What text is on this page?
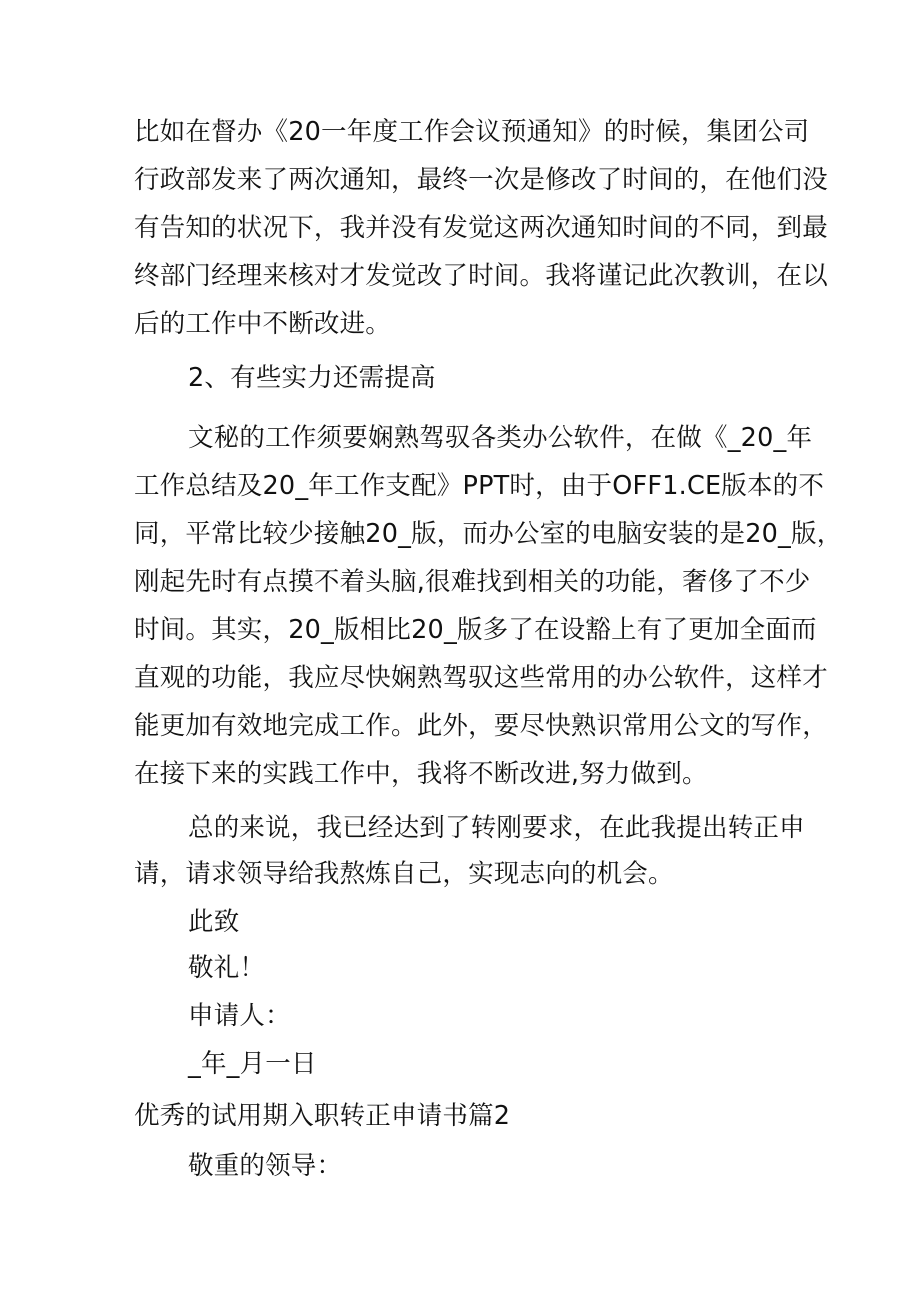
比如在督办《20一年度工作会议预通知》的时候，集团公司
行政部发来了两次通知，最终一次是修改了时间的，在他们没
有告知的状况下，我并没有发觉这两次通知时间的不同，到最
终部门经理来核对才发觉改了时间。我将谨记此次教训，在以
后的工作中不断改进。
2、有些实力还需提高
文秘的工作须要娴熟驾驭各类办公软件，在做《_20_年
工作总结及20_年工作支配》PPT时，由于OFF1.CE版本的不
同，平常比较少接触20_版，而办公室的电脑安装的是20_版，
刚起先时有点摸不着头脑,很难找到相关的功能，奢侈了不少
时间。其实，20_版相比20_版多了在设豁上有了更加全面而
直观的功能，我应尽快娴熟驾驭这些常用的办公软件，这样才
能更加有效地完成工作。此外，要尽快熟识常用公文的写作，
在接下来的实践工作中，我将不断改进,努力做到。
总的来说，我已经达到了转刚要求，在此我提出转正申
请，请求领导给我熬炼自己，实现志向的机会。
此致
敬礼！
申请人：
_年_月一日
优秀的试用期入职转正申请书篇2
敬重的领导：
